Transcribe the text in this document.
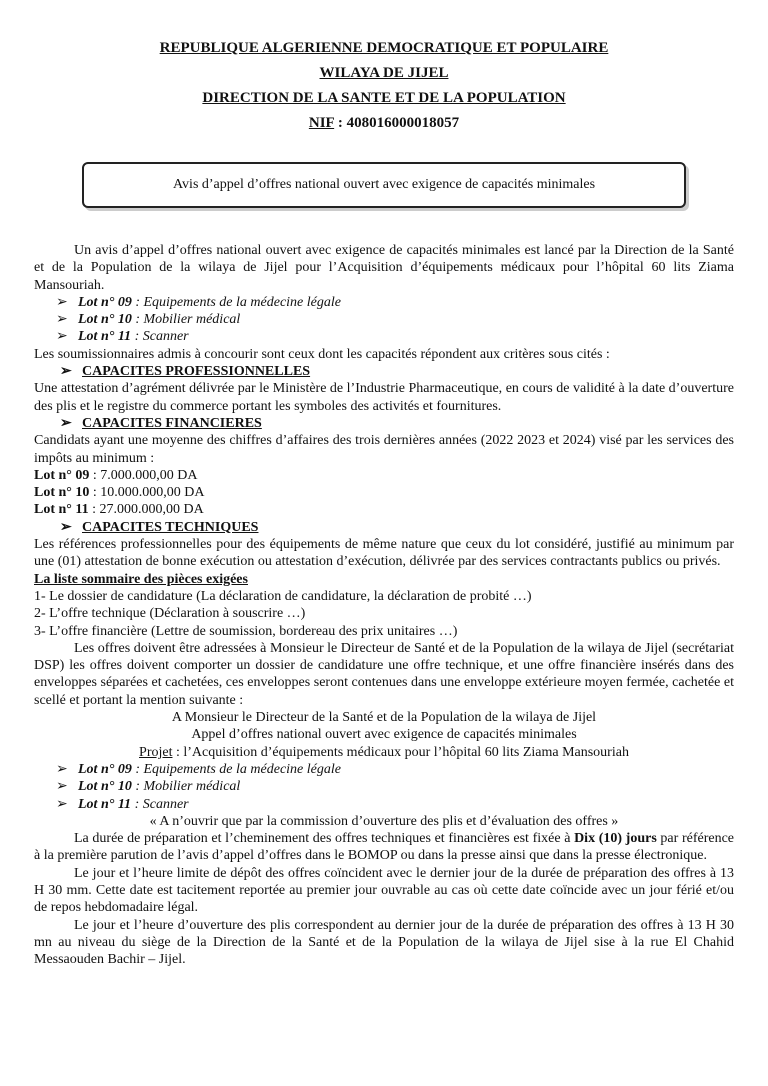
REPUBLIQUE ALGERIENNE DEMOCRATIQUE ET POPULAIRE
WILAYA DE JIJEL
DIRECTION DE LA SANTE ET DE LA POPULATION
NIF : 408016000018057
Avis d’appel d’offres national ouvert avec exigence de capacités minimales

Un avis d’appel d’offres national ouvert avec exigence de capacités minimales est lancé par la Direction de la Santé et de la Population de la wilaya de Jijel pour l’Acquisition d’équipements médicaux pour l’hôpital 60 lits Ziama Mansouriah.

➢ Lot n° 09 : Equipements de la médecine légale
➢ Lot n° 10 : Mobilier médical
➢ Lot n° 11 : Scanner

Les soumissionnaires admis à concourir sont ceux dont les capacités répondent aux critères sous cités :

➢ CAPACITES PROFESSIONNELLES

Une attestation d’agrément délivrée par le Ministère de l’Industrie Pharmaceutique, en cours de validité à la date d’ouverture des plis et le registre du commerce portant les symboles des activités et fournitures.

➢ CAPACITES FINANCIERES

Candidats ayant une moyenne des chiffres d’affaires des trois dernières années (2022 2023 et 2024) visé par les services des impôts au minimum :

Lot n° 09 : 7.000.000,00 DA
Lot n° 10 : 10.000.000,00 DA
Lot n° 11 : 27.000.000,00 DA
➢ CAPACITES TECHNIQUES

Les références professionnelles pour des équipements de même nature que ceux du lot considéré, justifié au minimum par une (01) attestation de bonne exécution ou attestation d’exécution, délivrée par des services contractants publics ou privés.

La liste sommaire des pièces exigées
1- Le dossier de candidature (La déclaration de candidature, la déclaration de probité …)
2- L’offre technique (Déclaration à souscrire …)
3- L’offre financière (Lettre de soumission, bordereau des prix unitaires …)

Les offres doivent être adressées à Monsieur le Directeur de Santé et de la Population de la wilaya de Jijel (secrétariat DSP) les offres doivent comporter un dossier de candidature une offre technique, et une offre financière insérés dans des enveloppes séparées et cachetées, ces enveloppes seront contenues dans une enveloppe extérieure moyen fermée, cachetée et scellé et portant la mention suivante :

A Monsieur le Directeur de la Santé et de la Population de la wilaya de Jijel
Appel d’offres national ouvert avec exigence de capacités minimales
Projet : l’Acquisition d’équipements médicaux pour l’hôpital 60 lits Ziama Mansouriah
➢ Lot n° 09 : Equipements de la médecine légale
➢ Lot n° 10 : Mobilier médical
➢ Lot n° 11 : Scanner
« A n’ouvrir que par la commission d’ouverture des plis et d’évaluation des offres »

La durée de préparation et l’cheminement des offres techniques et financières est fixée à Dix (10) jours par référence à la première parution de l’avis d’appel d’offres dans le BOMOP ou dans la presse ainsi que dans la presse électronique.

Le jour et l’heure limite de dépôt des offres coïncident avec le dernier jour de la durée de préparation des offres à 13 H 30 mm. Cette date est tacitement reportée au premier jour ouvrable au cas où cette date coïncide avec un jour férié et/ou de repos hebdomadaire légal.

Le jour et l’heure d’ouverture des plis correspondent au dernier jour de la durée de préparation des offres à 13 H 30 mn au niveau du siège de la Direction de la Santé et de la Population de la wilaya de Jijel sise à la rue El Chahid Messaouden Bachir – Jijel.
